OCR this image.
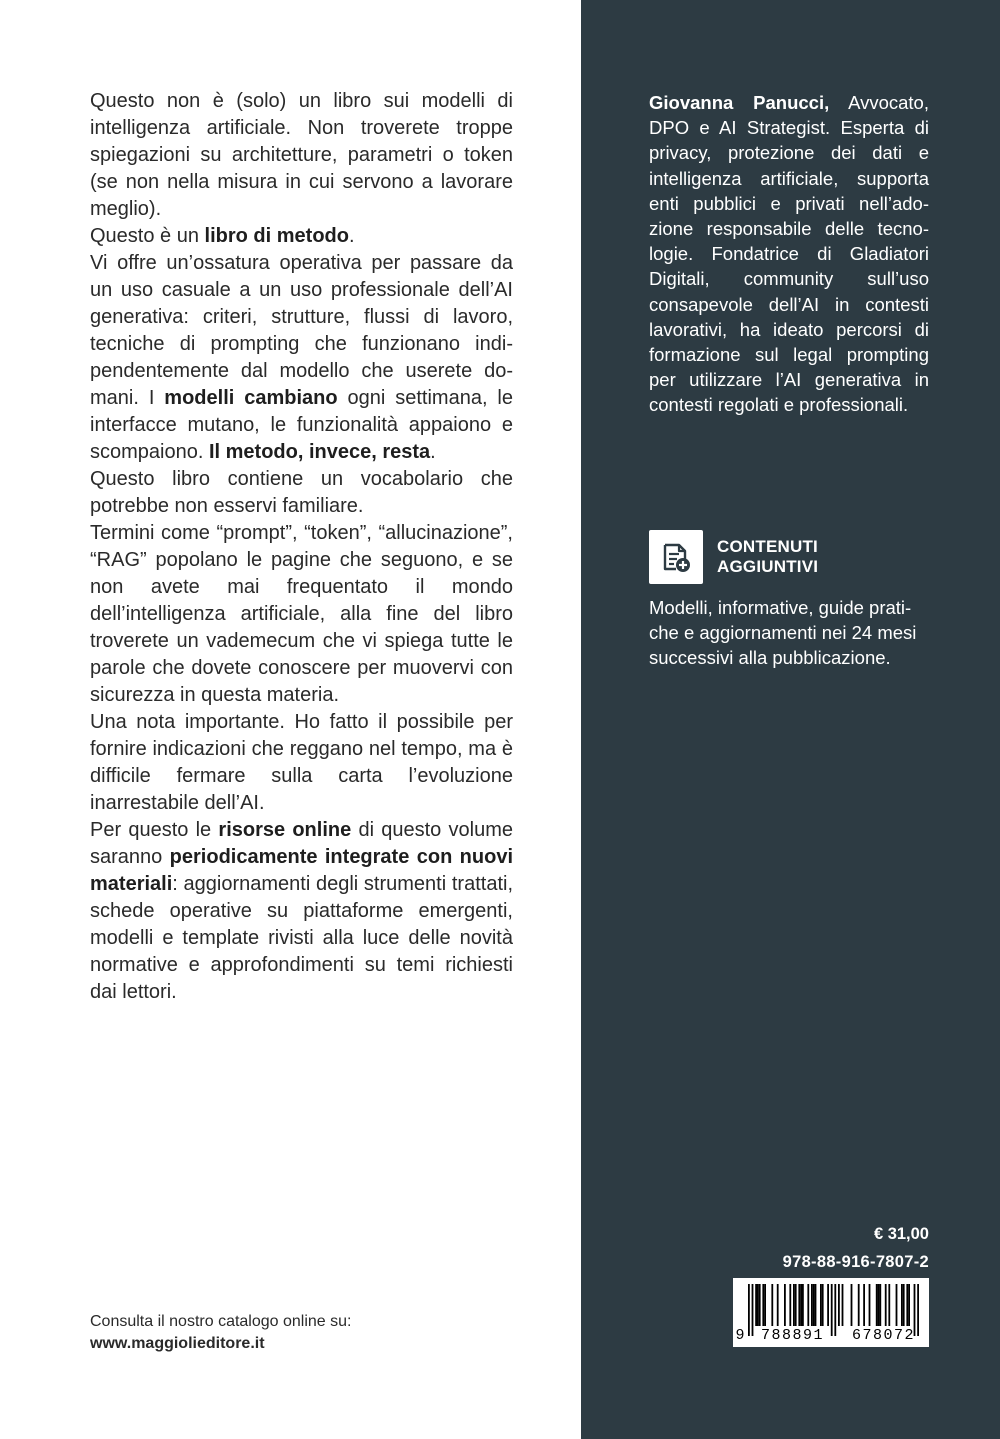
Questo non è (solo) un libro sui modelli di intelligenza artificiale. Non troverete troppe spiegazioni su architetture, parametri o token (se non nella misura in cui servono a lavorare meglio).

Questo è un libro di metodo.

Vi offre un’ossatura operativa per passare da un uso casuale a un uso professionale dell’AI generativa: criteri, strutture, flussi di lavoro, tecniche di prompting che funzionano indipendentemente dal modello che userete domani. I modelli cambiano ogni settimana, le interfacce mutano, le funzionalità appaiono e scompaiono. Il metodo, invece, resta.

Questo libro contiene un vocabolario che potrebbe non esservi familiare.

Termini come “prompt”, “token”, “allucinazione”, “RAG” popolano le pagine che seguono, e se non avete mai frequentato il mondo dell’intelligenza artificiale, alla fine del libro troverete un vademecum che vi spiega tutte le parole che dovete conoscere per muovervi con sicurezza in questa materia.

Una nota importante. Ho fatto il possibile per fornire indicazioni che reggano nel tempo, ma è difficile fermare sulla carta l’evoluzione inarrestabile dell’AI.

Per questo le risorse online di questo volume saranno periodicamente integrate con nuovi materiali: aggiornamenti degli strumenti trattati, schede operative su piattaforme emergenti, modelli e template rivisti alla luce delle novità normative e approfondimenti su temi richiesti dai lettori.

Consulta il nostro catalogo online su:
www.maggiolieditore.it
Giovanna Panucci, Avvocato, DPO e AI Strategist. Esperta di privacy, protezione dei dati e intelligenza artificiale, supporta enti pubblici e privati nell’adozione responsabile delle tecnologie. Fondatrice di Gladiatori Digitali, community sull’uso consapevole dell’AI in contesti lavorativi, ha ideato percorsi di formazione sul legal prompting per utilizzare l’AI generativa in contesti regolati e professionali.
CONTENUTI
AGGIUNTIVI
Modelli, informative, guide pratiche e aggiornamenti nei 24 mesi successivi alla pubblicazione.
€ 31,00
978-88-916-7807-2
9	788891	678072
